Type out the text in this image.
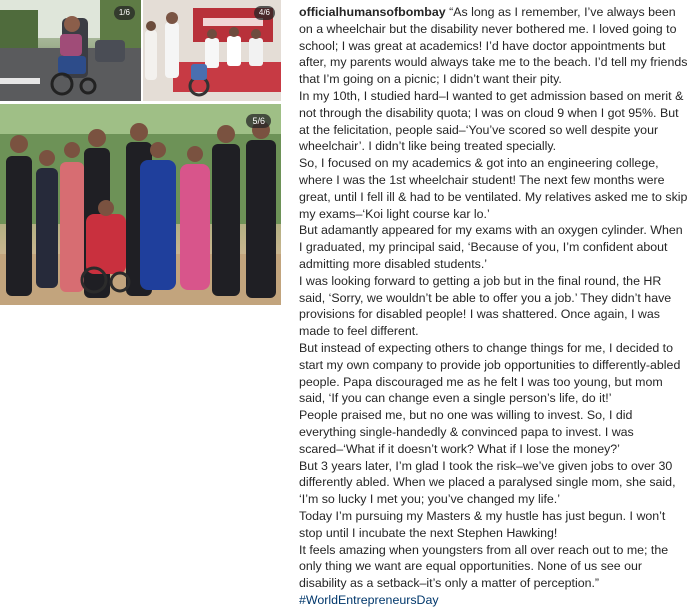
1/6	4/6
5/6

officialhumansofbombay “As long as I remember, I’ve always been on a wheelchair but the disability never bothered me. I loved going to school; I was great at academics! I’d have doctor appointments but after, my parents would always take me to the beach. I’d tell my friends that I’m going on a picnic; I didn’t want their pity.

In my 10th, I studied hard–I wanted to get admission based on merit & not through the disability quota; I was on cloud 9 when I got 95%. But at the felicitation, people said–‘You’ve scored so well despite your wheelchair’. I didn’t like being treated specially.

So, I focused on my academics & got into an engineering college, where I was the 1st wheelchair student! The next few months were great, until I fell ill & had to be ventilated. My relatives asked me to skip my exams–‘Koi light course kar lo.’

But adamantly appeared for my exams with an oxygen cylinder. When I graduated, my principal said, ‘Because of you, I’m confident about admitting more disabled students.’

I was looking forward to getting a job but in the final round, the HR said, ‘Sorry, we wouldn’t be able to offer you a job.’ They didn’t have provisions for disabled people! I was shattered. Once again, I was made to feel different.

But instead of expecting others to change things for me, I decided to start my own company to provide job opportunities to differently-abled people. Papa discouraged me as he felt I was too young, but mom said, ‘If you can change even a single person’s life, do it!’

People praised me, but no one was willing to invest. So, I did everything single-handedly & convinced papa to invest. I was scared–‘What if it doesn’t work? What if I lose the money?’

But 3 years later, I’m glad I took the risk–we’ve given jobs to over 30 differently abled. When we placed a paralysed single mom, she said, ‘I’m so lucky I met you; you’ve changed my life.’

Today I’m pursuing my Masters & my hustle has just begun. I won’t stop until I incubate the next Stephen Hawking!

It feels amazing when youngsters from all over reach out to me; the only thing we want are equal opportunities. None of us see our disability as a setback–it’s only a matter of perception.” #WorldEntrepreneursDay
